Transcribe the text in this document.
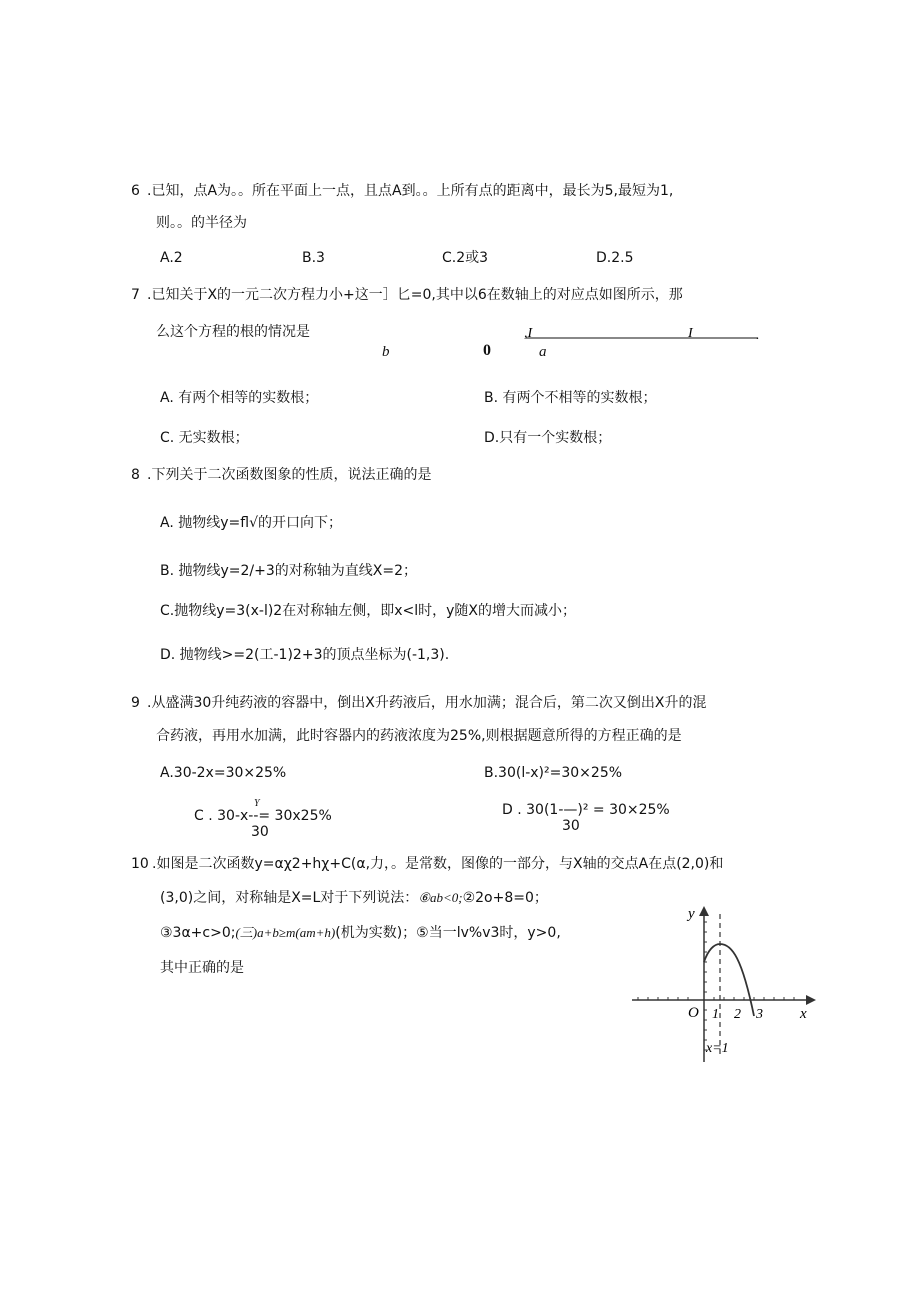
6 .已知，点A为。。所在平面上一点，且点A到。。上所有点的距离中，最长为5,最短为1,
则。。的半径为
A.2	B.3	C.2或3	D.2.5
7 .已知关于X的一元二次方程力小+这一］匕=0,其中以6在数轴上的对应点如图所示，那
么这个方程的根的情况是
b	0
,I	I	.
a
A. 有两个相等的实数根；	B. 有两个不相等的实数根；
C. 无实数根；	D.只有一个实数根；
8 .下列关于二次函数图象的性质，说法正确的是
A. 抛物线y=fl√的开口向下；
B. 抛物线y=2/+3的对称轴为直线X=2；
C.抛物线y=3(x-l)2在对称轴左侧，即x<l时，y随X的增大而减小；
D. 抛物线>=2(工-1)2+3的顶点坐标为(-1,3).
9 .从盛满30升纯药液的容器中，倒出X升药液后，用水加满；混合后，第二次又倒出X升的混
合药液，再用水加满，此时容器内的药液浓度为25%,则根据题意所得的方程正确的是
A.30-2x=30×25%	B.30(l-x)²=30×25%
Y
C . 30-x--= 30x25%
30
D . 30(1-—)² = 30×25%
30
10 .如图是二次函数y=αχ2+hχ+C(α,力，。是常数，图像的一部分，与X轴的交点A在点(2,0)和
(3,0)之间，对称轴是X=L对于下列说法：⑥ab<0;②2o+8=0；
③3α+c>0;(三)a+b≥m(am+h)(机为实数)；⑤当一lv%v3时，y>0,
其中正确的是
y
x
O 1 2 3
x=1
